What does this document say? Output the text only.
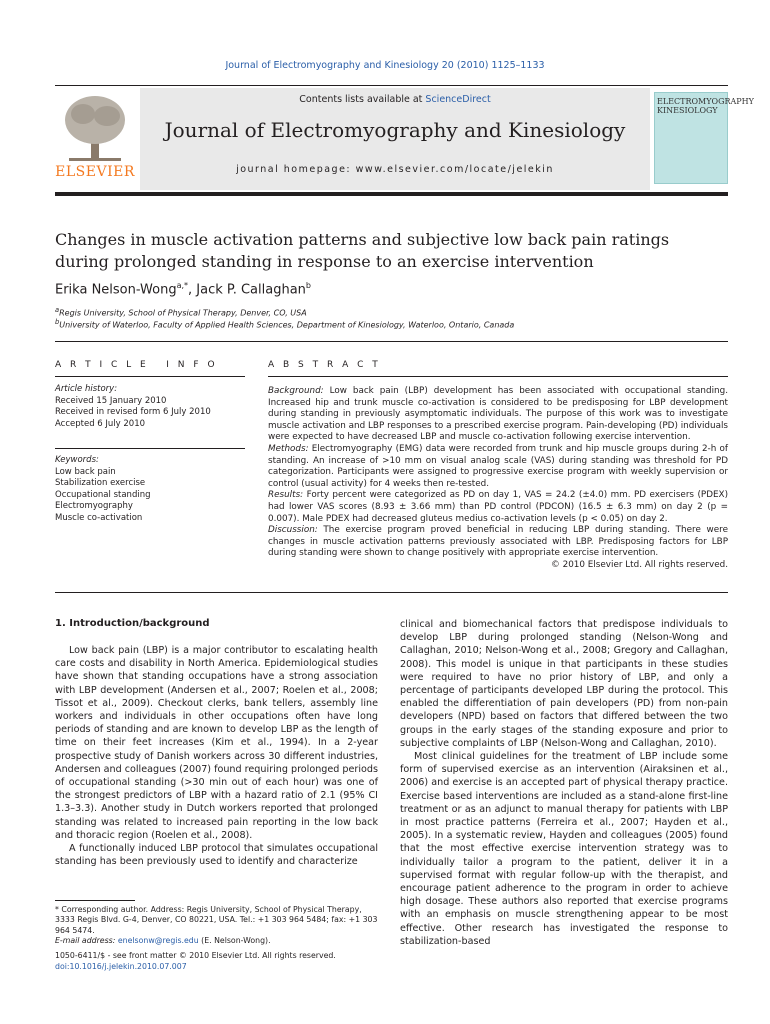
Journal of Electromyography and Kinesiology 20 (2010) 1125–1133
ELSEVIER
Contents lists available at ScienceDirect
Journal of Electromyography and Kinesiology
journal homepage: www.elsevier.com/locate/jelekin
ELECTROMYOGRAPHY KINESIOLOGY
Changes in muscle activation patterns and subjective low back pain ratings
during prolonged standing in response to an exercise intervention
Erika Nelson-Wong$^{a,*}$, Jack P. Callaghan$^b$
$^a$Regis University, School of Physical Therapy, Denver, CO, USA
$^b$University of Waterloo, Faculty of Applied Health Sciences, Department of Kinesiology, Waterloo, Ontario, Canada
A R T I C L E   I N F O
Article history:
Received 15 January 2010
Received in revised form 6 July 2010
Accepted 6 July 2010
Keywords:
Low back pain
Stabilization exercise
Occupational standing
Electromyography
Muscle co-activation
A B S T R A C T

Background: Low back pain (LBP) development has been associated with occupational standing. Increased hip and trunk muscle co-activation is considered to be predisposing for LBP development during standing in previously asymptomatic individuals. The purpose of this work was to investigate muscle activation and LBP responses to a prescribed exercise program. Pain-developing (PD) individuals were expected to have decreased LBP and muscle co-activation following exercise intervention.

Methods: Electromyography (EMG) data were recorded from trunk and hip muscle groups during 2-h of standing. An increase of >10 mm on visual analog scale (VAS) during standing was threshold for PD categorization. Participants were assigned to progressive exercise program with weekly supervision or control (usual activity) for 4 weeks then re-tested.

Results: Forty percent were categorized as PD on day 1, VAS = 24.2 (±4.0) mm. PD exercisers (PDEX) had lower VAS scores (8.93 ± 3.66 mm) than PD control (PDCON) (16.5 ± 6.3 mm) on day 2 (p = 0.007). Male PDEX had decreased gluteus medius co-activation levels (p < 0.05) on day 2.

Discussion: The exercise program proved beneficial in reducing LBP during standing. There were changes in muscle activation patterns previously associated with LBP. Predisposing factors for LBP during standing were shown to change positively with appropriate exercise intervention.

© 2010 Elsevier Ltd. All rights reserved.

1. Introduction/background

Low back pain (LBP) is a major contributor to escalating health care costs and disability in North America. Epidemiological studies have shown that standing occupations have a strong association with LBP development (Andersen et al., 2007; Roelen et al., 2008; Tissot et al., 2009). Checkout clerks, bank tellers, assembly line workers and individuals in other occupations often have long periods of standing and are known to develop LBP as the length of time on their feet increases (Kim et al., 1994). In a 2-year prospective study of Danish workers across 30 different industries, Andersen and colleagues (2007) found requiring prolonged periods of occupational standing (>30 min out of each hour) was one of the strongest predictors of LBP with a hazard ratio of 2.1 (95% CI 1.3–3.3). Another study in Dutch workers reported that prolonged standing was related to increased pain reporting in the low back and thoracic region (Roelen et al., 2008).

A functionally induced LBP protocol that simulates occupational standing has been previously used to identify and characterize

* Corresponding author. Address: Regis University, School of Physical Therapy, 3333 Regis Blvd. G-4, Denver, CO 80221, USA. Tel.: +1 303 964 5484; fax: +1 303 964 5474.
E-mail address: enelsonw@regis.edu (E. Nelson-Wong).
1050-6411/$ - see front matter © 2010 Elsevier Ltd. All rights reserved.
doi:10.1016/j.jelekin.2010.07.007

clinical and biomechanical factors that predispose individuals to develop LBP during prolonged standing (Nelson-Wong and Callaghan, 2010; Nelson-Wong et al., 2008; Gregory and Callaghan, 2008). This model is unique in that participants in these studies were required to have no prior history of LBP, and only a percentage of participants developed LBP during the protocol. This enabled the differentiation of pain developers (PD) from non-pain developers (NPD) based on factors that differed between the two groups in the early stages of the standing exposure and prior to subjective complaints of LBP (Nelson-Wong and Callaghan, 2010).

Most clinical guidelines for the treatment of LBP include some form of supervised exercise as an intervention (Airaksinen et al., 2006) and exercise is an accepted part of physical therapy practice. Exercise based interventions are included as a stand-alone first-line treatment or as an adjunct to manual therapy for patients with LBP in most practice patterns (Ferreira et al., 2007; Hayden et al., 2005). In a systematic review, Hayden and colleagues (2005) found that the most effective exercise intervention strategy was to individually tailor a program to the patient, deliver it in a supervised format with regular follow-up with the therapist, and encourage patient adherence to the program in order to achieve high dosage. These authors also reported that exercise programs with an emphasis on muscle strengthening appear to be most effective. Other research has investigated the response to stabilization-based
